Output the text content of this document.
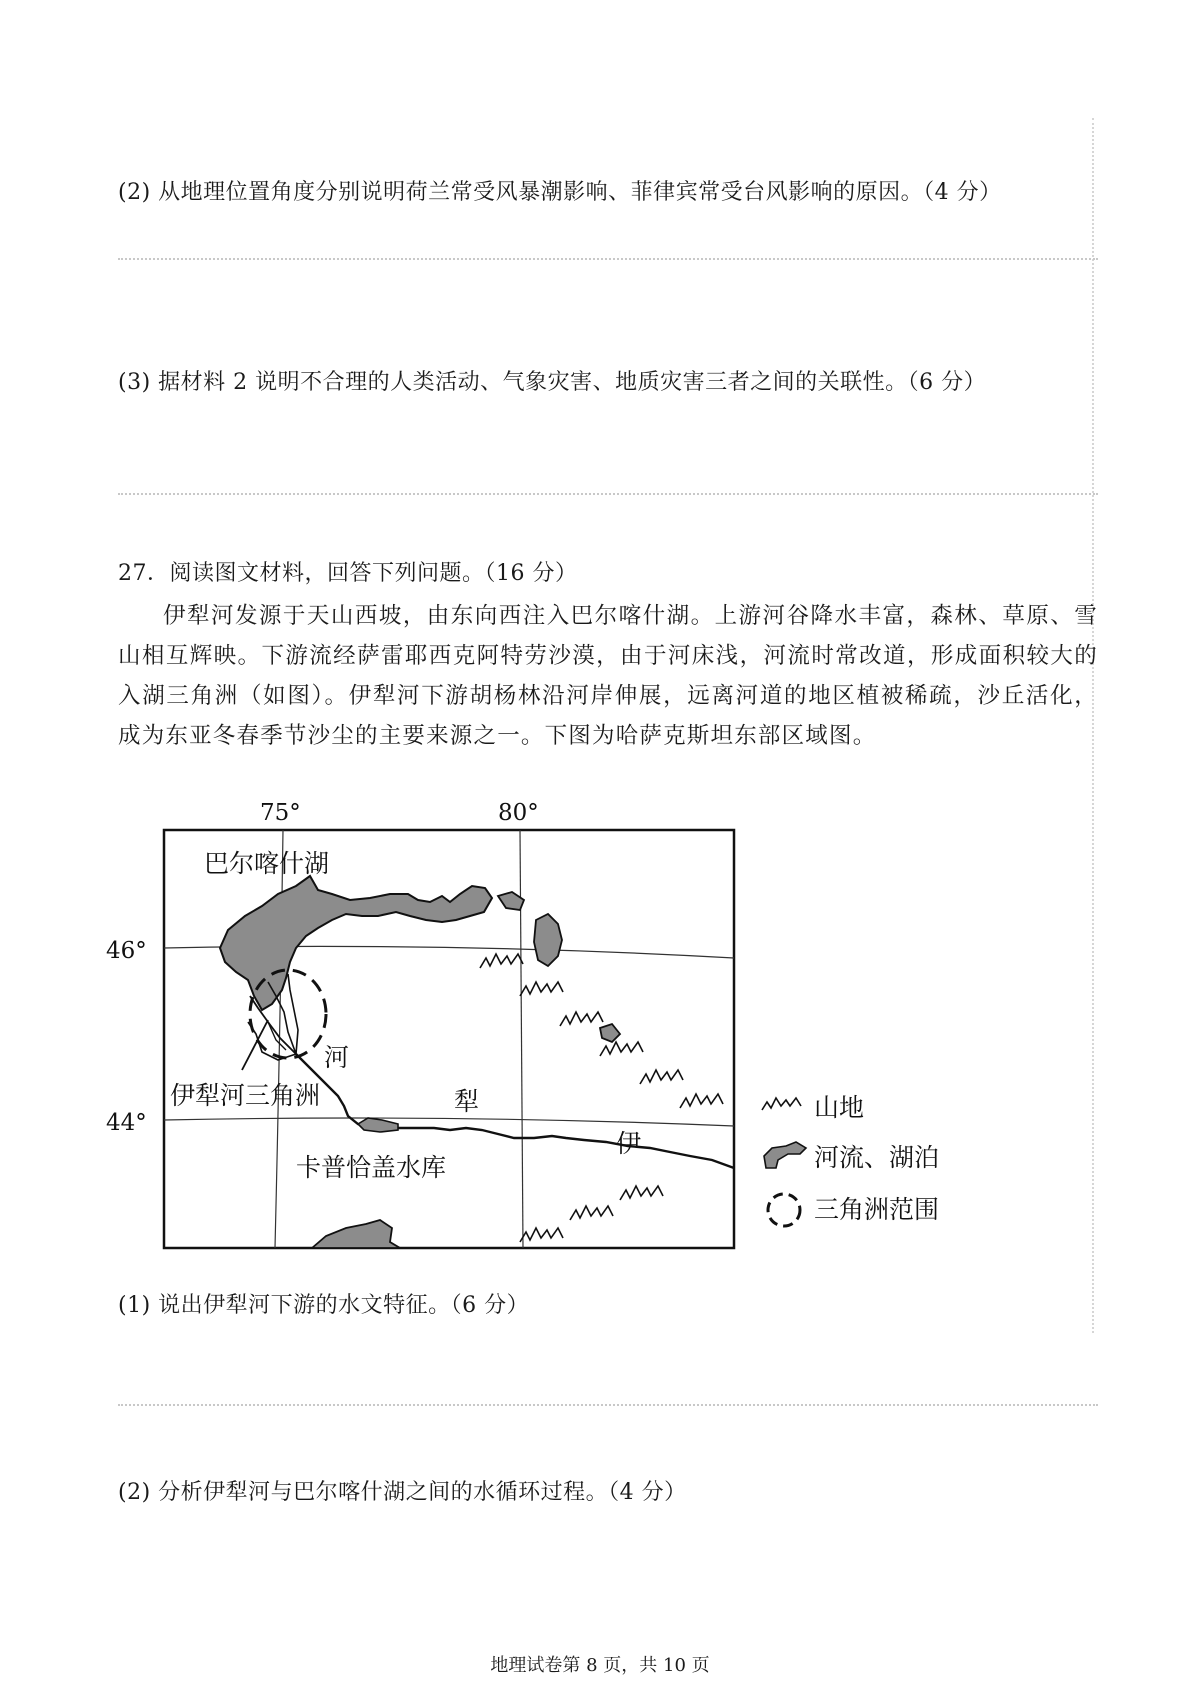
(2) 从地理位置角度分别说明荷兰常受风暴潮影响、菲律宾常受台风影响的原因。（4 分）
(3) 据材料 2 说明不合理的人类活动、气象灾害、地质灾害三者之间的关联性。（6 分）
27．阅读图文材料，回答下列问题。（16 分）
伊犁河发源于天山西坡，由东向西注入巴尔喀什湖。上游河谷降水丰富，森林、草原、雪山相互辉映。下游流经萨雷耶西克阿特劳沙漠，由于河床浅，河流时常改道，形成面积较大的入湖三角洲（如图）。伊犁河下游胡杨林沿河岸伸展，远离河道的地区植被稀疏，沙丘活化，成为东亚冬春季节沙尘的主要来源之一。下图为哈萨克斯坦东部区域图。
75°	80°
46°
44°
巴尔喀什湖
伊犁河三角洲
卡普恰盖水库
河
犁
伊
山地
河流、湖泊
三角洲范围
(1) 说出伊犁河下游的水文特征。（6 分）
(2) 分析伊犁河与巴尔喀什湖之间的水循环过程。（4 分）
地理试卷第 8 页，共 10 页
